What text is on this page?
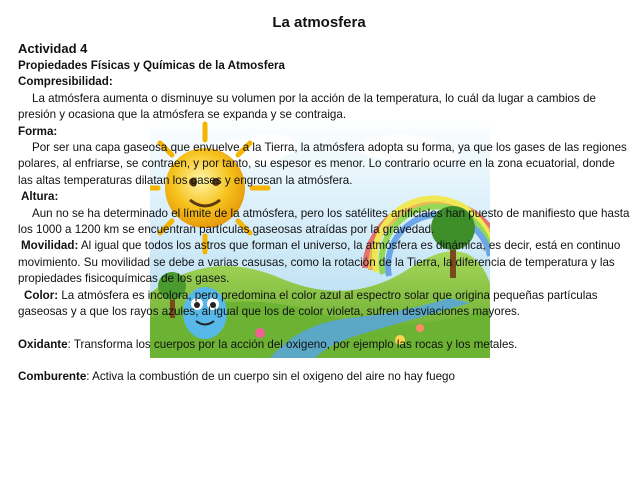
La atmosfera

Actividad 4

Propiedades Físicas y Químicas de la Atmosfera

Compresibilidad:

La atmósfera aumenta o disminuye su volumen por la acción de la temperatura, lo cuál da lugar a cambios de presión y ocasiona que la atmósfera se expanda y se contraiga.

Forma:

Por ser una capa gaseosa que envuelve a la Tierra, la atmósfera adopta su forma, ya que los gases de las regiones polares, al enfriarse, se contraen, y por tanto, su espesor es menor. Lo contrario ocurre en la zona ecuatorial, donde las altas temperaturas dilatan los gases y engrosan la atmósfera.

Altura:

Aun no se ha determinado el límite de la atmósfera, pero los satélites artificiales han puesto de manifiesto que hasta los 1000 a 1200 km se encuentran partículas gaseosas atraídas por la gravedad.

Movilidad: Al igual que todos los astros que forman el universo, la atmósfera es dinámica, es decir, está en continuo movimiento. Su movilidad se debe a varias casusas, como la rotación de la Tierra, la diferencia de temperatura y las propiedades fisicoquímicas de los gases.

Color: La atmósfera es incolora, pero predomina el color azul al espectro solar que origina pequeñas partículas gaseosas y a que los rayos azules, al igual que los de color violeta, sufren desviaciones mayores.

Oxidante: Transforma los cuerpos por la acción del oxigeno, por ejemplo las rocas y los metales.

Comburente: Activa la combustión de un cuerpo sin el oxigeno del aire no hay fuego
